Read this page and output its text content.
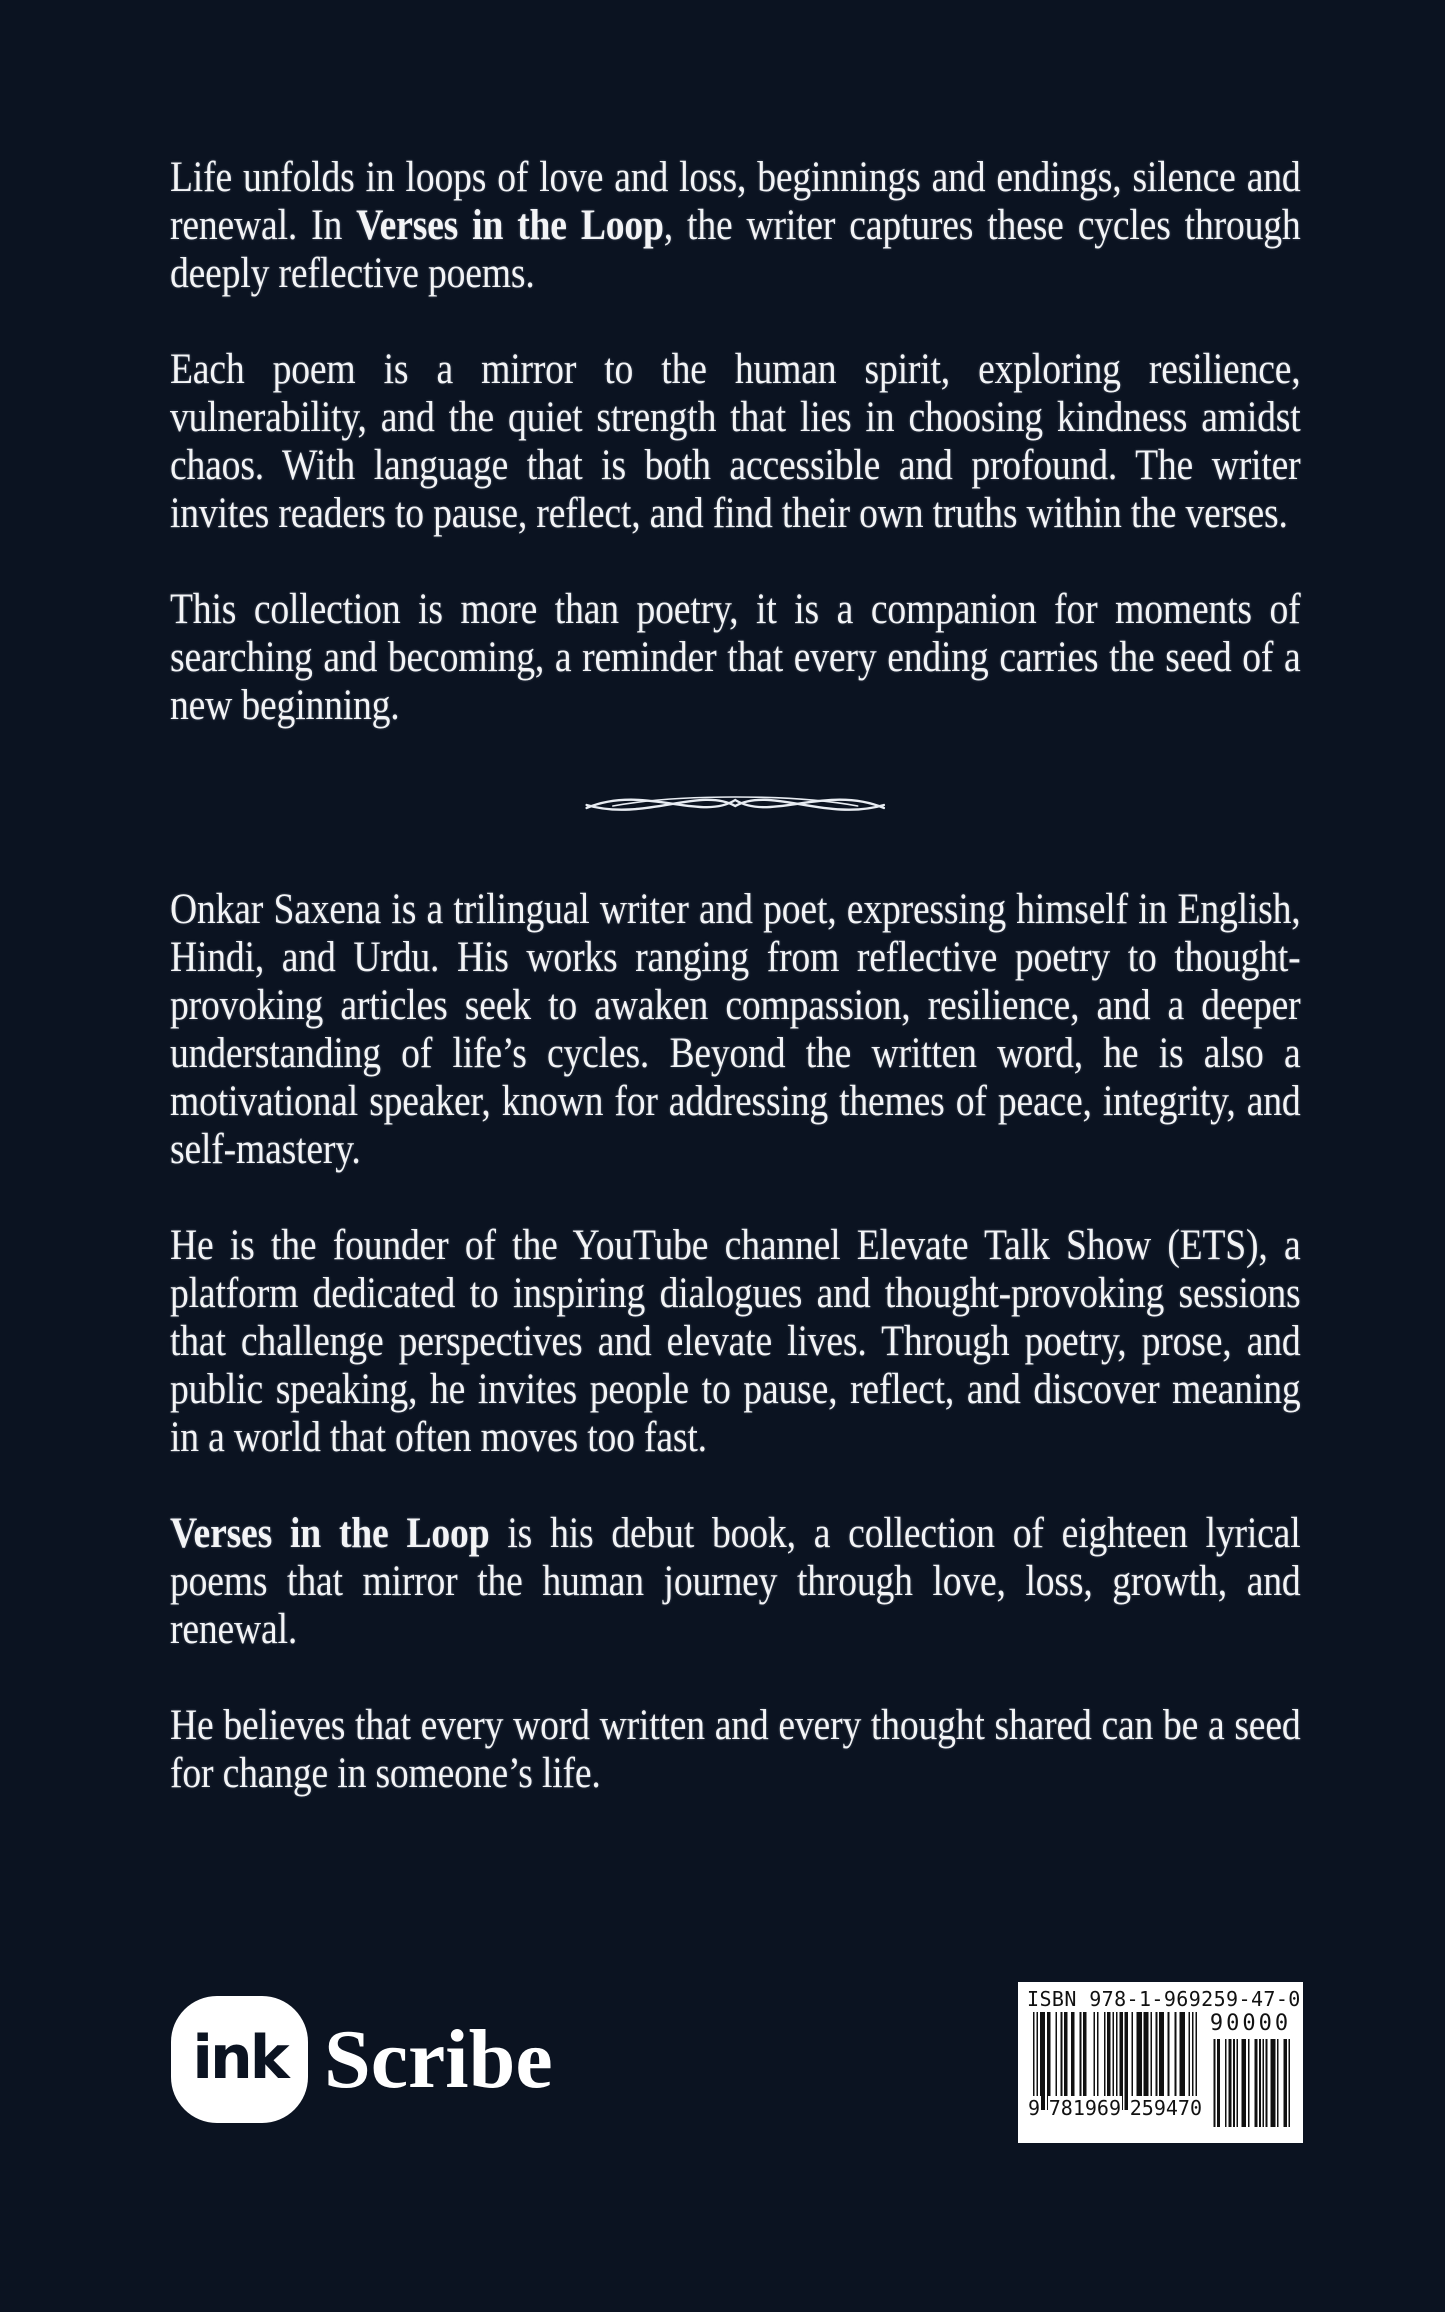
Life unfolds in loops of love and loss, beginnings and endings, silence and renewal. In Verses in the Loop, the writer captures these cycles through deeply reflective poems.

Each poem is a mirror to the human spirit, exploring resilience, vulnerability, and the quiet strength that lies in choosing kindness amidst chaos. With language that is both accessible and profound. The writer invites readers to pause, reflect, and find their own truths within the verses.

This collection is more than poetry, it is a companion for moments of searching and becoming, a reminder that every ending carries the seed of a new beginning.

Onkar Saxena is a trilingual writer and poet, expressing himself in English, Hindi, and Urdu. His works ranging from reflective poetry to thought-provoking articles seek to awaken compassion, resilience, and a deeper understanding of life’s cycles. Beyond the written word, he is also a motivational speaker, known for addressing themes of peace, integrity, and self-mastery.

He is the founder of the YouTube channel Elevate Talk Show (ETS), a platform dedicated to inspiring dialogues and thought-provoking sessions that challenge perspectives and elevate lives. Through poetry, prose, and public speaking, he invites people to pause, reflect, and discover meaning in a world that often moves too fast.

Verses in the Loop is his debut book, a collection of eighteen lyrical poems that mirror the human journey through love, loss, growth, and renewal.

He believes that every word written and every thought shared can be a seed for change in someone’s life.

ink Scribe
ISBN 978-1-969259-47-0
9 781969 259470
90000
